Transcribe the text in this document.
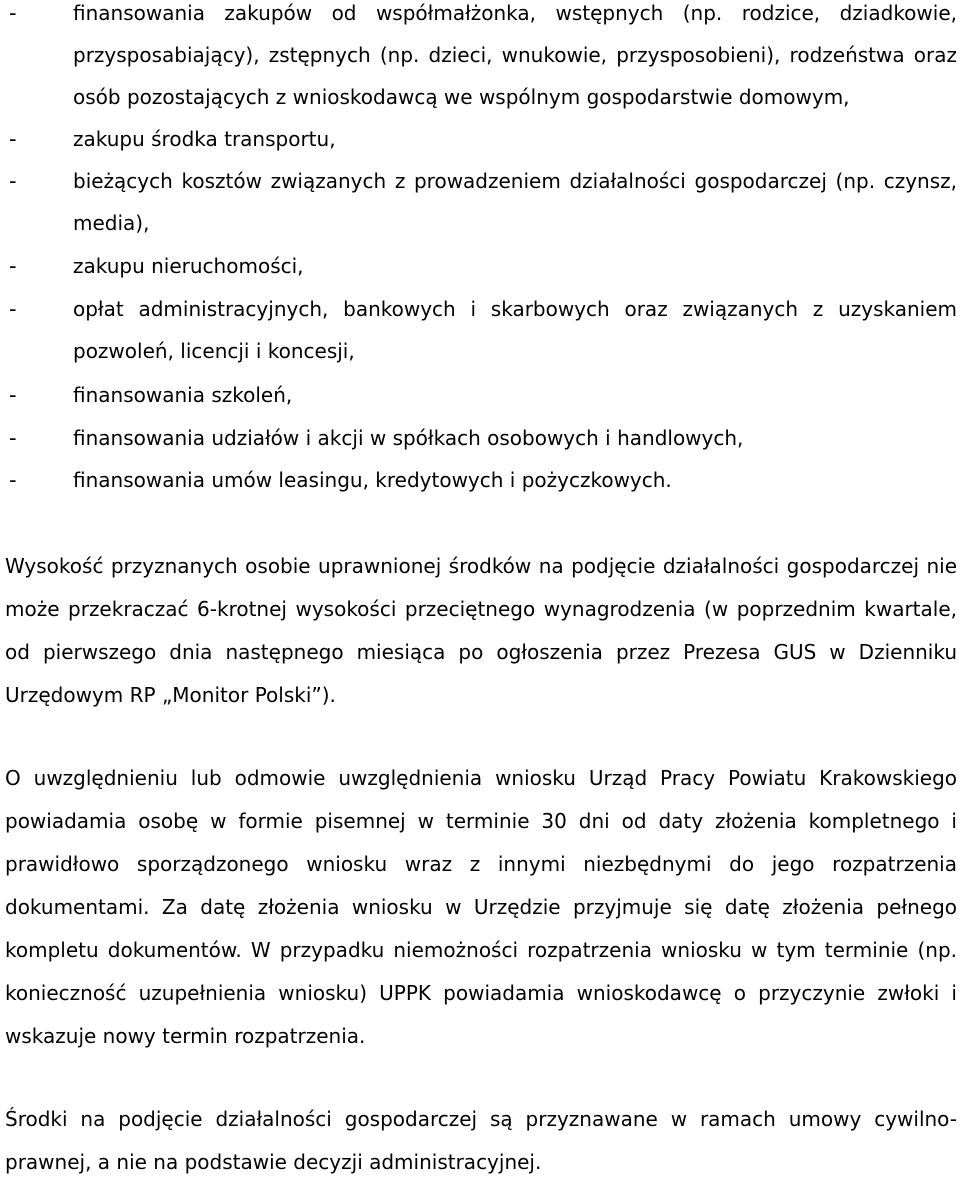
-	finansowania zakupów od współmałżonka, wstępnych (np. rodzice, dziadkowie, przysposabiający), zstępnych (np. dzieci, wnukowie, przysposobieni), rodzeństwa oraz osób pozostających z wnioskodawcą we wspólnym gospodarstwie domowym,
-	zakupu środka transportu,
-	bieżących kosztów związanych z prowadzeniem działalności gospodarczej (np. czynsz, media),
-	zakupu nieruchomości,
-	opłat administracyjnych, bankowych i skarbowych oraz związanych z uzyskaniem pozwoleń, licencji i koncesji,
-	finansowania szkoleń,
-	finansowania udziałów i akcji w spółkach osobowych i handlowych,
-	finansowania umów leasingu, kredytowych i pożyczkowych.
Wysokość przyznanych osobie uprawnionej środków na podjęcie działalności gospodarczej nie może przekraczać 6-krotnej wysokości przeciętnego wynagrodzenia (w poprzednim kwartale, od pierwszego dnia następnego miesiąca po ogłoszenia przez Prezesa GUS w Dzienniku Urzędowym RP „Monitor Polski”).
O uwzględnieniu lub odmowie uwzględnienia wniosku Urząd Pracy Powiatu Krakowskiego powiadamia osobę w formie pisemnej w terminie 30 dni od daty złożenia kompletnego i prawidłowo sporządzonego wniosku wraz z innymi niezbędnymi do jego rozpatrzenia dokumentami. Za datę złożenia wniosku w Urzędzie przyjmuje się datę złożenia pełnego kompletu dokumentów. W przypadku niemożności rozpatrzenia wniosku w tym terminie (np. konieczność uzupełnienia wniosku) UPPK powiadamia wnioskodawcę o przyczynie zwłoki i wskazuje nowy termin rozpatrzenia.
Środki na podjęcie działalności gospodarczej są przyznawane w ramach umowy cywilno-prawnej, a nie na podstawie decyzji administracyjnej.
